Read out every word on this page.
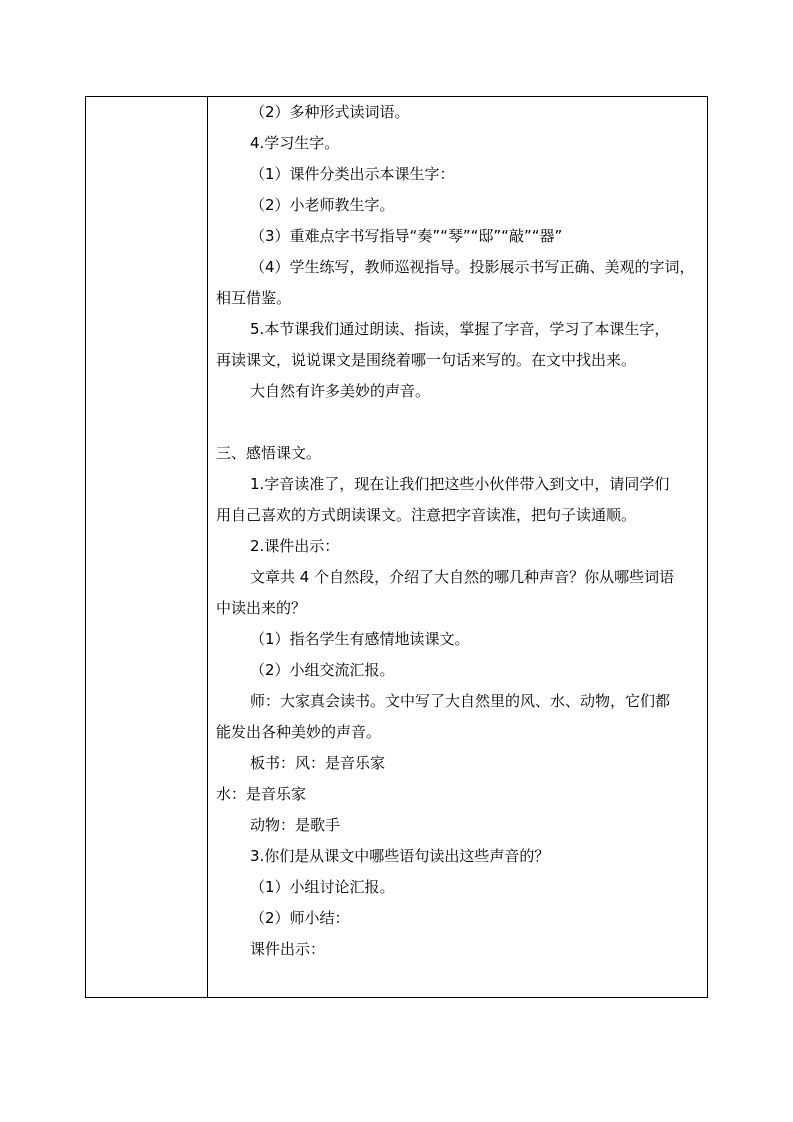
（2）多种形式读词语。
4.学习生字。
（1）课件分类出示本课生字：
（2）小老师教生字。
（3）重难点字书写指导“奏”“琴”“邸”“敲”“器”
（4）学生练写，教师巡视指导。投影展示书写正确、美观的字词，
相互借鉴。
5.本节课我们通过朗读、指读，掌握了字音，学习了本课生字，
再读课文，说说课文是围绕着哪一句话来写的。在文中找出来。
大自然有许多美妙的声音。
三、感悟课文。
1.字音读准了，现在让我们把这些小伙伴带入到文中，请同学们
用自己喜欢的方式朗读课文。注意把字音读准，把句子读通顺。
2.课件出示：
文章共 4 个自然段，介绍了大自然的哪几种声音？你从哪些词语
中读出来的？
（1）指名学生有感情地读课文。
（2）小组交流汇报。
师：大家真会读书。文中写了大自然里的风、水、动物，它们都
能发出各种美妙的声音。
板书：风：是音乐家
水：是音乐家
动物：是歌手
3.你们是从课文中哪些语句读出这些声音的？
（1）小组讨论汇报。
（2）师小结：
课件出示：
